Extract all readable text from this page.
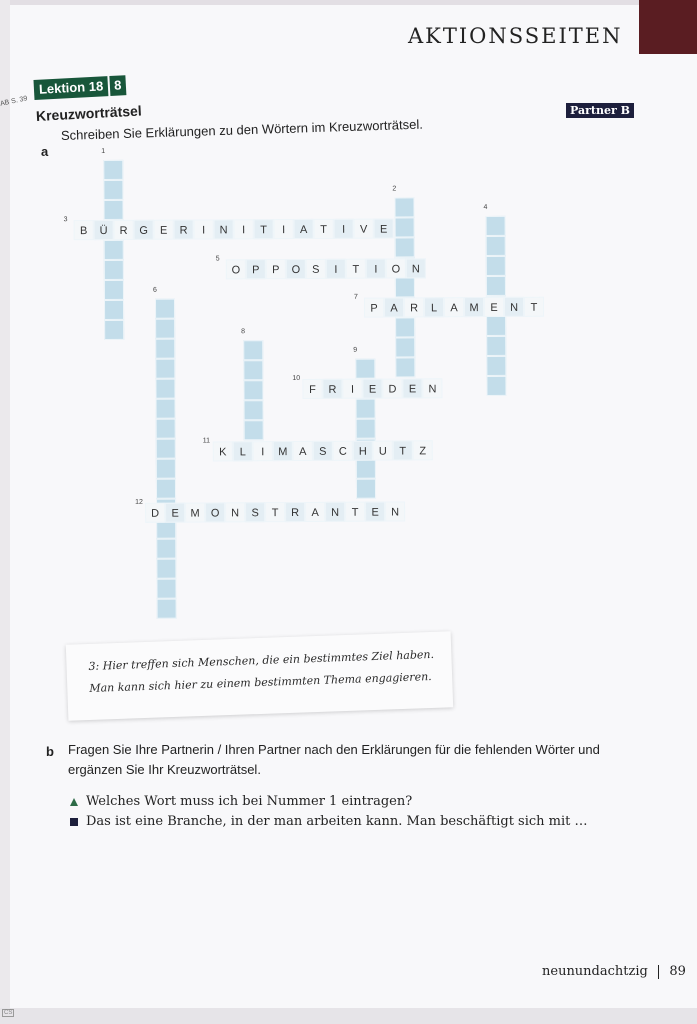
AKTIONSSEITEN
AB S. 39
Lektion 18 8
Kreuzworträtsel	Partner B
a
Schreiben Sie Erklärungen zu den Wörtern im Kreuzworträtsel.
1
2
4
6
8
9
B	Ü	R	G	E	R	I	N	I	T	I	A	T	I	V	E
3
O	P	P	O	S	I	T	I	O	N
5
P	A	R	L	A	M	E	N	T
7
F	R	I	E	D	E	N
10
K	L	I	M	A	S	C	H	U	T	Z
11
D	E	M	O	N	S	T	R	A	N	T	E	N
12
3: Hier treffen sich Menschen, die ein bestimmtes Ziel haben.
Man kann sich hier zu einem bestimmten Thema engagieren.
b Fragen Sie Ihre Partnerin / Ihren Partner nach den Erklärungen für die fehlenden Wörter und ergänzen Sie Ihr Kreuzworträtsel.
Welches Wort muss ich bei Nummer 1 eintragen?
Das ist eine Branche, in der man arbeiten kann. Man beschäftigt sich mit …
neunundachtzig 89
CS
